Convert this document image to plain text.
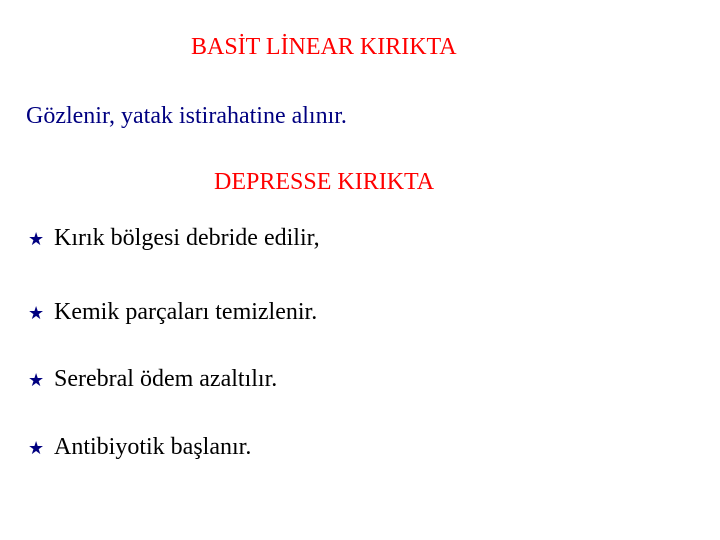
BASİT LİNEAR KIRIKTA
Gözlenir, yatak istirahatine alınır.
DEPRESSE KIRIKTA
★ Kırık bölgesi debride edilir,
★ Kemik parçaları temizlenir.
★ Serebral ödem azaltılır.
★ Antibiyotik başlanır.
